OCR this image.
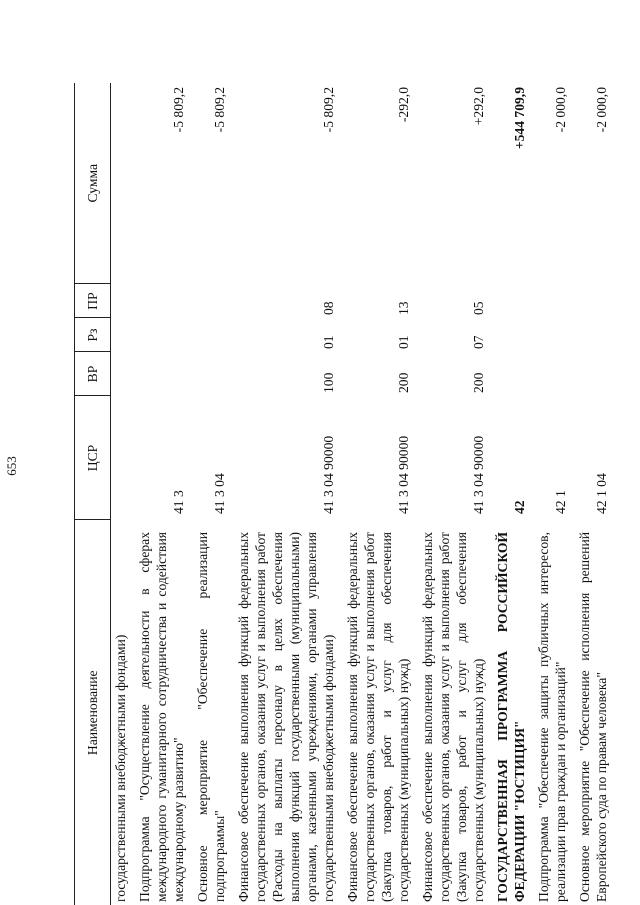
653
Наименование	ЦСР	ВР	Рз	ПР	Сумма
государственными внебюджетными фондами)					
Подпрограмма "Осуществление деятельности в сферах международного гуманитарного сотрудничества и содействия международному развитию"	41 3				-5 809,2
Основное мероприятие "Обеспечение реализации подпрограммы"	41 3 04				-5 809,2
Финансовое обеспечение выполнения функций федеральных государственных органов, оказания услуг и выполнения работ (Расходы на выплаты персоналу в целях обеспечения выполнения функций государственными (муниципальными) органами, казенными учреждениями, органами управления государственными внебюджетными фондами)	41 3 04 90000	100	01	08	-5 809,2
Финансовое обеспечение выполнения функций федеральных государственных органов, оказания услуг и выполнения работ (Закупка товаров, работ и услуг для обеспечения государственных (муниципальных) нужд)	41 3 04 90000	200	01	13	-292,0
Финансовое обеспечение выполнения функций федеральных государственных органов, оказания услуг и выполнения работ (Закупка товаров, работ и услуг для обеспечения государственных (муниципальных) нужд)	41 3 04 90000	200	07	05	+292,0
ГОСУДАРСТВЕННАЯ ПРОГРАММА РОССИЙСКОЙ ФЕДЕРАЦИИ "ЮСТИЦИЯ"	42				+544 709,9
Подпрограмма "Обеспечение защиты публичных интересов, реализации прав граждан и организаций"	42 1				-2 000,0
Основное мероприятие "Обеспечение исполнения решений Европейского суда по правам человека"	42 1 04				-2 000,0
